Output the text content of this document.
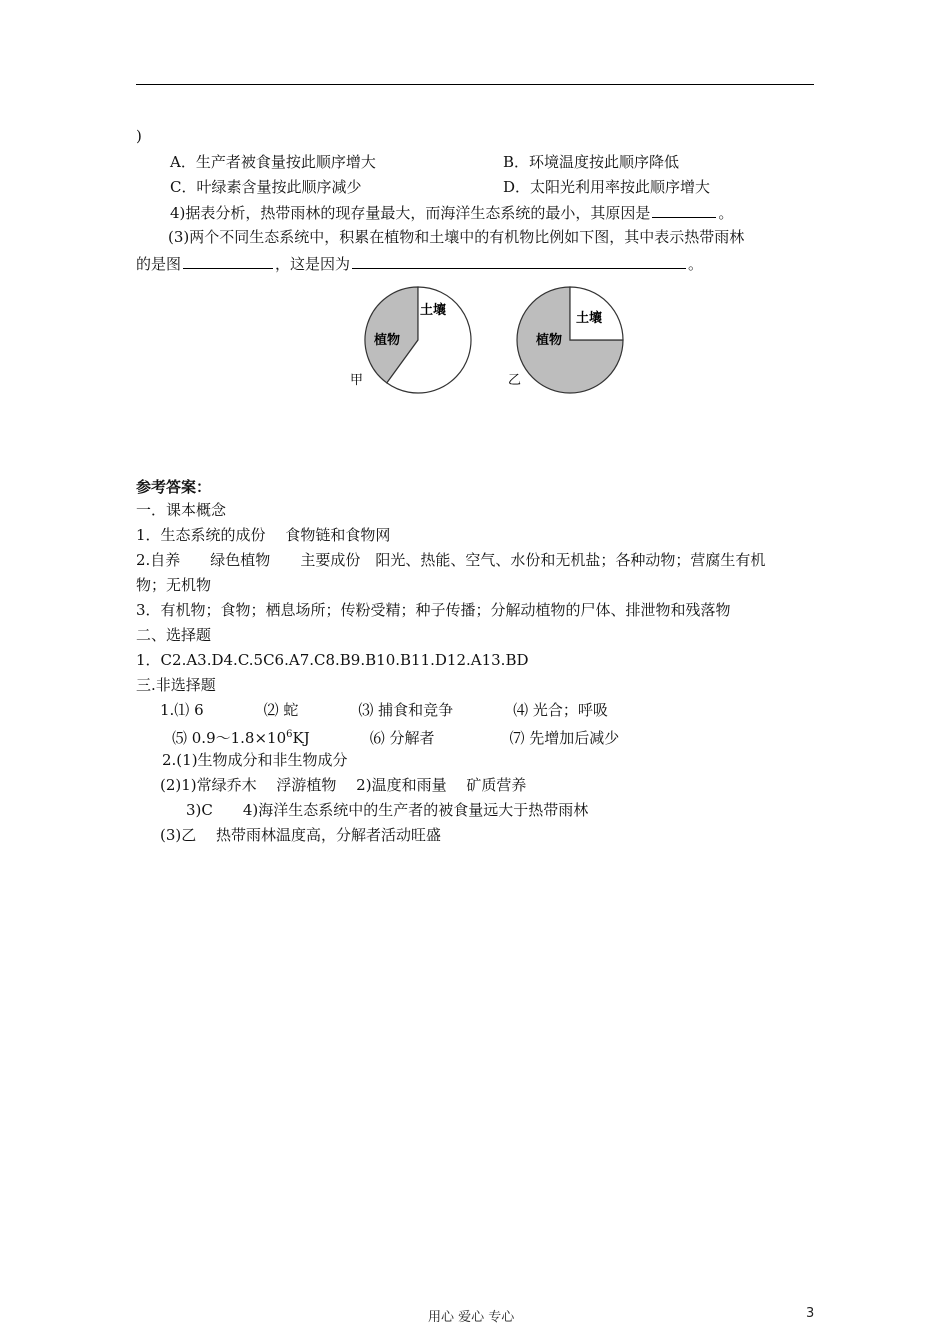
)
A．生产者被食量按此顺序增大	B．环境温度按此顺序降低
C．叶绿素含量按此顺序减少	D．太阳光利用率按此顺序增大
4)据表分析，热带雨林的现存量最大，而海洋生态系统的最小，其原因是	。
(3)两个不同生态系统中，积累在植物和土壤中的有机物比例如下图，其中表示热带雨林
的是图	，这是因为	。
土壤
植物
甲
土壤
植物
乙
参考答案：
一．课本概念
1．生态系统的成份　 食物链和食物网
2.自养　　绿色植物　　主要成份　阳光、热能、空气、水份和无机盐；各种动物；营腐生有机
物；无机物
3．有机物；食物；栖息场所；传粉受精；种子传播；分解动植物的尸体、排泄物和残落物
二、选择题
1．C2.A3.D4.C.5C6.A7.C8.B9.B10.B11.D12.A13.BD
三.非选择题
1.⑴ 6　　　　⑵ 蛇　　　　⑶ 捕食和竞争　　　　⑷ 光合；呼吸
⑸ $0.9\sim 1.8\times 10^6KJ$　　　　⑹ 分解者　　　　　⑺ 先增加后减少
2.(1)生物成分和非生物成分
(2)1)常绿乔木　 浮游植物　 2)温度和雨量　 矿质营养
3)C　　4)海洋生态系统中的生产者的被食量远大于热带雨林
(3)乙　 热带雨林温度高，分解者活动旺盛
用心 爱心 专心	3
